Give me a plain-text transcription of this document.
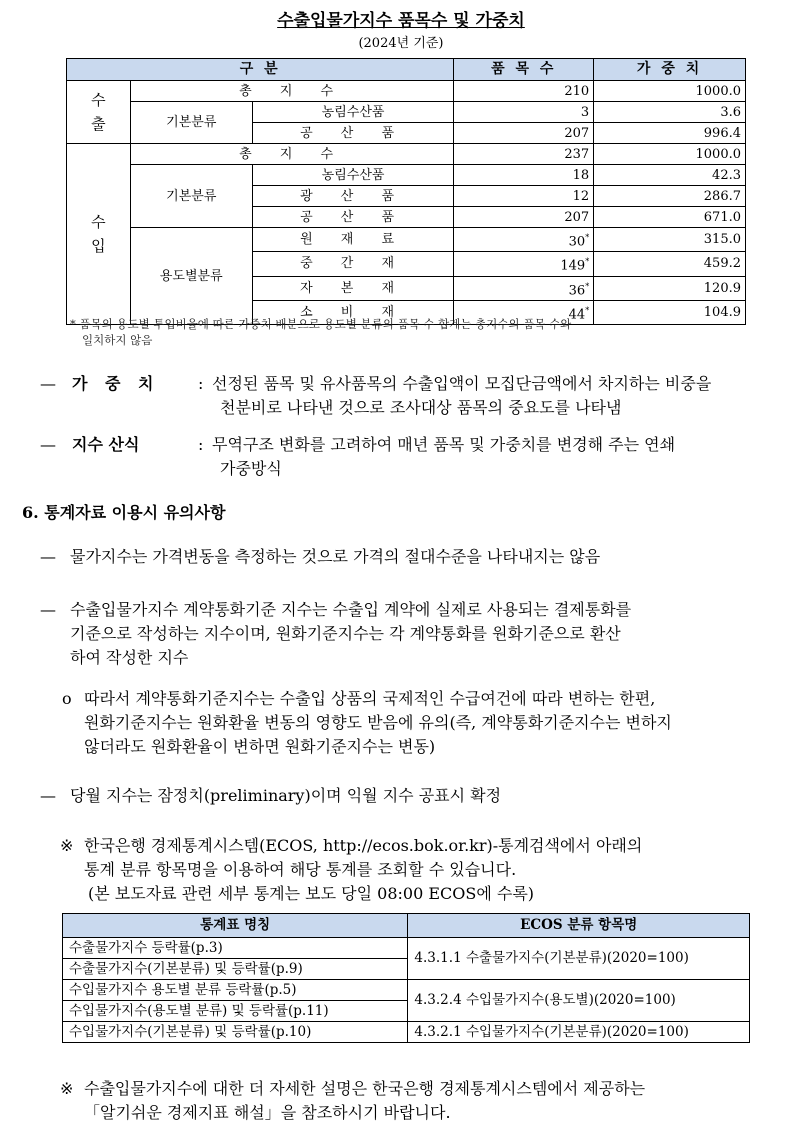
수출입물가지수 품목수 및 가중치
(2024년 기준)
구 분			품 목 수	가 중 치
수
출	총 지 수		210	1000.0
	기본분류	농림수산품	3	3.6
		공 산 품	207	996.4
수
입	총 지 수		237	1000.0
	기본분류	농림수산품	18	42.3
		광 산 품	12	286.7
		공 산 품	207	671.0
	용도별분류	원 재 료	30*	315.0
		중 간 재	149*	459.2
		자 본 재	36*	120.9
		소 비 재	44*	104.9
* 품목의 용도별 투입비율에 따른 가중치 배분으로 용도별 분류의 품목 수 합계는 총지수의 품목 수와
일치하지 않음
— 가 중 치 : 선정된 품목 및 유사품목의 수출입액이 모집단금액에서 차지하는 비중을
천분비로 나타낸 것으로 조사대상 품목의 중요도를 나타냄
— 지수 산식	: 무역구조 변화를 고려하여 매년 품목 및 가중치를 변경해 주는 연쇄
가중방식
6. 통계자료 이용시 유의사항
— 물가지수는 가격변동을 측정하는 것으로 가격의 절대수준을 나타내지는 않음
— 수출입물가지수 계약통화기준 지수는 수출입 계약에 실제로 사용되는 결제통화를
기준으로 작성하는 지수이며, 원화기준지수는 각 계약통화를 원화기준으로 환산
하여 작성한 지수
o 따라서 계약통화기준지수는 수출입 상품의 국제적인 수급여건에 따라 변하는 한편,
원화기준지수는 원화환율 변동의 영향도 받음에 유의(즉, 계약통화기준지수는 변하지
않더라도 원화환율이 변하면 원화기준지수는 변동)
— 당월 지수는 잠정치(preliminary)이며 익월 지수 공표시 확정
※ 한국은행 경제통계시스템(ECOS, http://ecos.bok.or.kr)-통계검색에서 아래의
통계 분류 항목명을 이용하여 해당 통계를 조회할 수 있습니다.
(본 보도자료 관련 세부 통계는 보도 당일 08:00 ECOS에 수록)
통계표 명칭	ECOS 분류 항목명
수출물가지수 등락률(p.3)	4.3.1.1 수출물가지수(기본분류)(2020=100)
수출물가지수(기본분류) 및 등락률(p.9)	
수입물가지수 용도별 분류 등락률(p.5)	4.3.2.4 수입물가지수(용도별)(2020=100)
수입물가지수(용도별 분류) 및 등락률(p.11)	
수입물가지수(기본분류) 및 등락률(p.10)	4.3.2.1 수입물가지수(기본분류)(2020=100)
※ 수출입물가지수에 대한 더 자세한 설명은 한국은행 경제통계시스템에서 제공하는
「알기쉬운 경제지표 해설」을 참조하시기 바랍니다.
